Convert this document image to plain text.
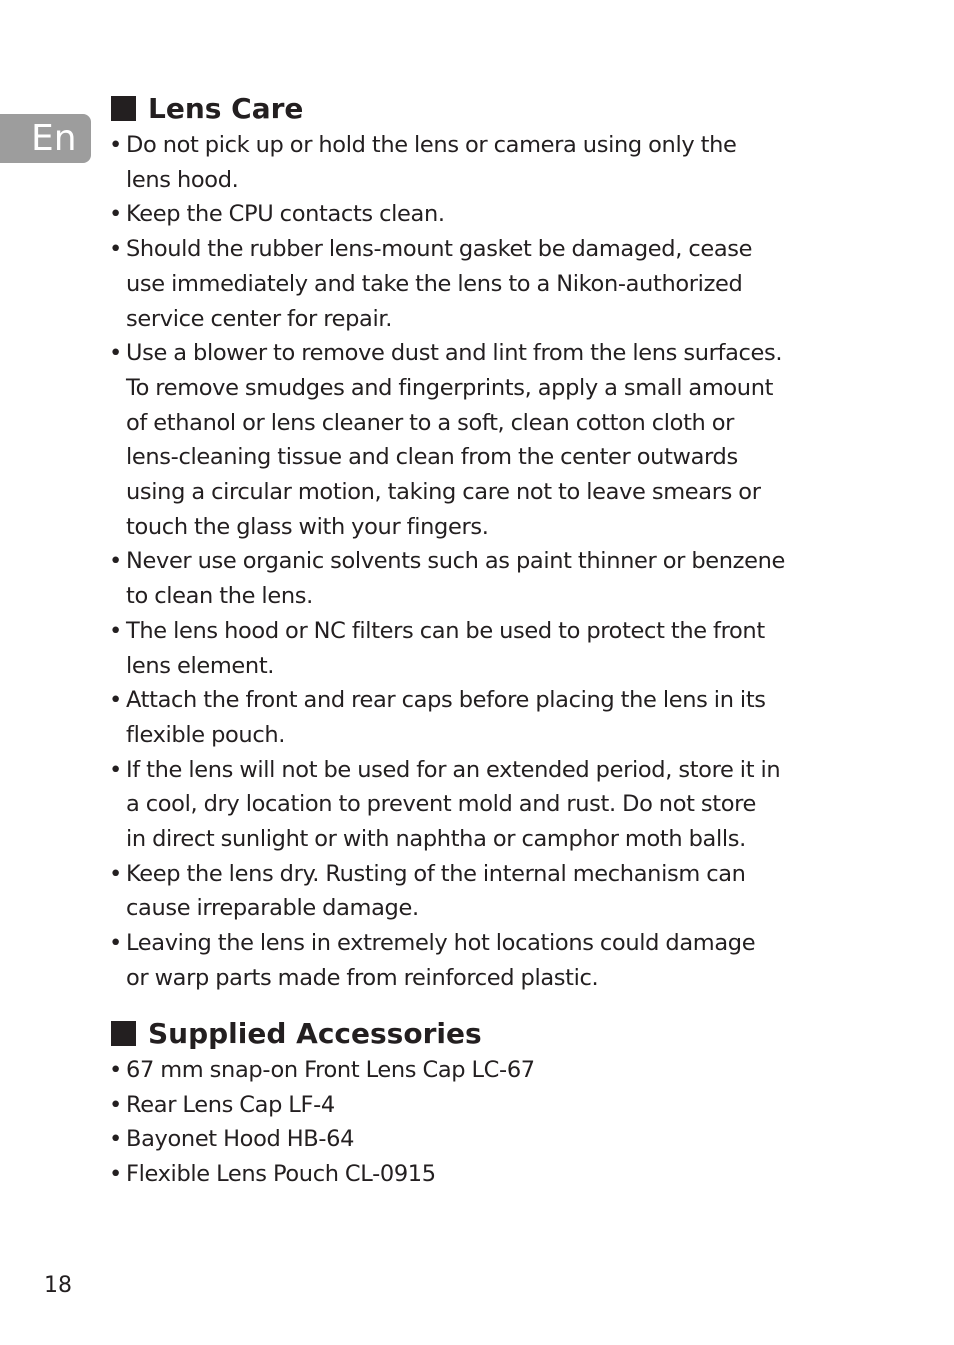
En
Lens Care
• Do not pick up or hold the lens or camera using only the
lens hood.
• Keep the CPU contacts clean.
• Should the rubber lens-mount gasket be damaged, cease
use immediately and take the lens to a Nikon-authorized
service center for repair.
• Use a blower to remove dust and lint from the lens surfaces.
To remove smudges and fingerprints, apply a small amount
of ethanol or lens cleaner to a soft, clean cotton cloth or
lens-cleaning tissue and clean from the center outwards
using a circular motion, taking care not to leave smears or
touch the glass with your fingers.
• Never use organic solvents such as paint thinner or benzene
to clean the lens.
• The lens hood or NC filters can be used to protect the front
lens element.
• Attach the front and rear caps before placing the lens in its
flexible pouch.
• If the lens will not be used for an extended period, store it in
a cool, dry location to prevent mold and rust. Do not store
in direct sunlight or with naphtha or camphor moth balls.
• Keep the lens dry. Rusting of the internal mechanism can
cause irreparable damage.
• Leaving the lens in extremely hot locations could damage
or warp parts made from reinforced plastic.
Supplied Accessories
• 67 mm snap-on Front Lens Cap LC-67
• Rear Lens Cap LF-4
• Bayonet Hood HB-64
• Flexible Lens Pouch CL-0915
18
